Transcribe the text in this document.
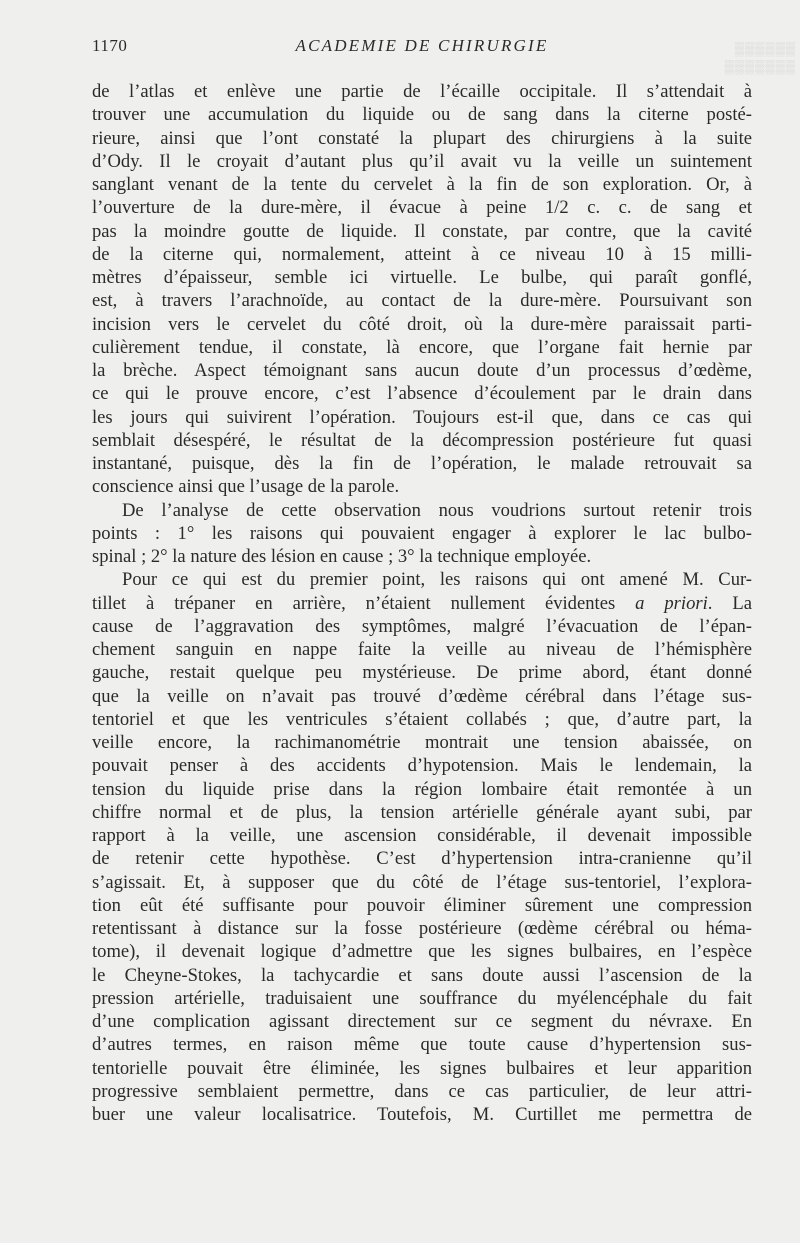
1170	ACADEMIE DE CHIRURGIE	▒▒▒▒▒▒
▒▒▒▒▒▒▒
de l’atlas et enlève une partie de l’écaille occipitale. Il s’attendait à
trouver une accumulation du liquide ou de sang dans la citerne posté-
rieure, ainsi que l’ont constaté la plupart des chirurgiens à la suite
d’Ody. Il le croyait d’autant plus qu’il avait vu la veille un suintement
sanglant venant de la tente du cervelet à la fin de son exploration. Or, à
l’ouverture de la dure-mère, il évacue à peine 1/2 c. c. de sang et
pas la moindre goutte de liquide. Il constate, par contre, que la cavité
de la citerne qui, normalement, atteint à ce niveau 10 à 15 milli-
mètres d’épaisseur, semble ici virtuelle. Le bulbe, qui paraît gonflé,
est, à travers l’arachnoïde, au contact de la dure-mère. Poursuivant son
incision vers le cervelet du côté droit, où la dure-mère paraissait parti-
culièrement tendue, il constate, là encore, que l’organe fait hernie par
la brèche. Aspect témoignant sans aucun doute d’un processus d’œdème,
ce qui le prouve encore, c’est l’absence d’écoulement par le drain dans
les jours qui suivirent l’opération. Toujours est-il que, dans ce cas qui
semblait désespéré, le résultat de la décompression postérieure fut quasi
instantané, puisque, dès la fin de l’opération, le malade retrouvait sa
conscience ainsi que l’usage de la parole.
De l’analyse de cette observation nous voudrions surtout retenir trois
points : 1° les raisons qui pouvaient engager à explorer le lac bulbo-
spinal ; 2° la nature des lésion en cause ; 3° la technique employée.
Pour ce qui est du premier point, les raisons qui ont amené M. Cur-
tillet à trépaner en arrière, n’étaient nullement évidentes a priori. La
cause de l’aggravation des symptômes, malgré l’évacuation de l’épan-
chement sanguin en nappe faite la veille au niveau de l’hémisphère
gauche, restait quelque peu mystérieuse. De prime abord, étant donné
que la veille on n’avait pas trouvé d’œdème cérébral dans l’étage sus-
tentoriel et que les ventricules s’étaient collabés ; que, d’autre part, la
veille encore, la rachimanométrie montrait une tension abaissée, on
pouvait penser à des accidents d’hypotension. Mais le lendemain, la
tension du liquide prise dans la région lombaire était remontée à un
chiffre normal et de plus, la tension artérielle générale ayant subi, par
rapport à la veille, une ascension considérable, il devenait impossible
de retenir cette hypothèse. C’est d’hypertension intra-cranienne qu’il
s’agissait. Et, à supposer que du côté de l’étage sus-tentoriel, l’explora-
tion eût été suffisante pour pouvoir éliminer sûrement une compression
retentissant à distance sur la fosse postérieure (œdème cérébral ou héma-
tome), il devenait logique d’admettre que les signes bulbaires, en l’espèce
le Cheyne-Stokes, la tachycardie et sans doute aussi l’ascension de la
pression artérielle, traduisaient une souffrance du myélencéphale du fait
d’une complication agissant directement sur ce segment du névraxe. En
d’autres termes, en raison même que toute cause d’hypertension sus-
tentorielle pouvait être éliminée, les signes bulbaires et leur apparition
progressive semblaient permettre, dans ce cas particulier, de leur attri-
buer une valeur localisatrice. Toutefois, M. Curtillet me permettra de
